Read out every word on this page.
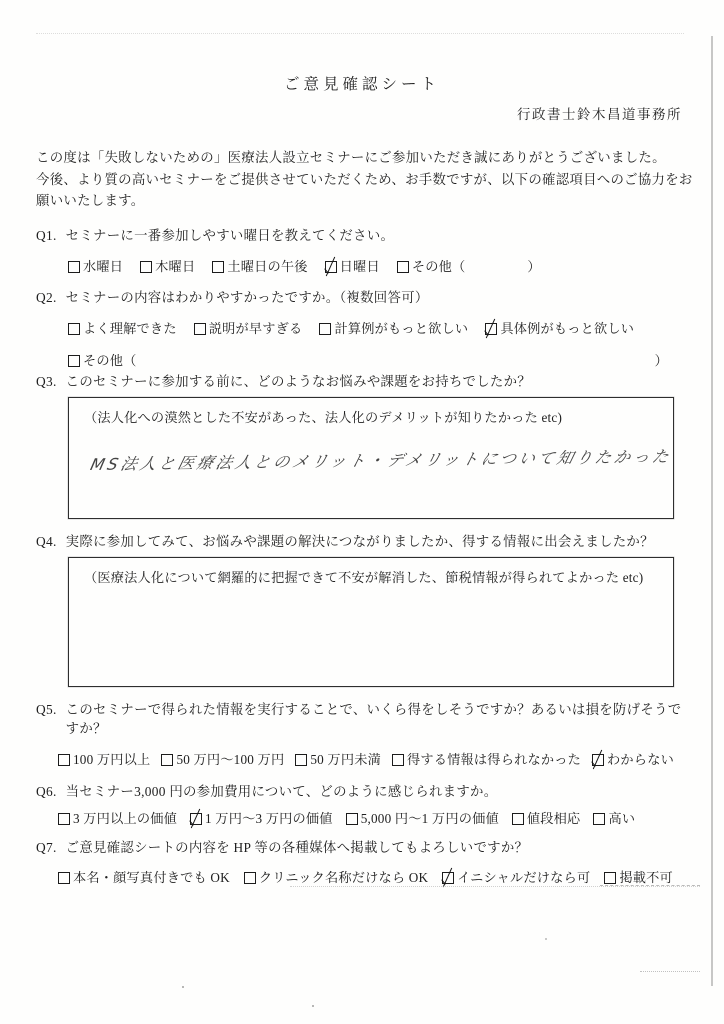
ご意見確認シート
行政書士鈴木昌道事務所
この度は「失敗しないための」医療法人設立セミナーにご参加いただき誠にありがとうございました。
今後、より質の高いセミナーをご提供させていただくため、お手数ですが、以下の確認項目へのご協力をお願いいたします。
Q1. セミナーに一番参加しやすい曜日を教えてください。
水曜日 木曜日 土曜日の午後 日曜日 その他（	）
Q2. セミナーの内容はわかりやすかったですか。（複数回答可）
よく理解できた 説明が早すぎる 計算例がもっと欲しい 具体例がもっと欲しい
その他（	）
Q3. このセミナーに参加する前に、どのようなお悩みや課題をお持ちでしたか？
（法人化への漠然とした不安があった、法人化のデメリットが知りたかった etc)
MS法人と医療法人とのメリット・デメリットについて知りたかった
Q4. 実際に参加してみて、お悩みや課題の解決につながりましたか、得する情報に出会えましたか？
（医療法人化について網羅的に把握できて不安が解消した、節税情報が得られてよかった etc)
Q5. このセミナーで得られた情報を実行することで、いくら得をしそうですか？あるいは損を防げそうですか？
100 万円以上 50 万円～100 万円 50 万円未満 得する情報は得られなかった わからない
Q6. 当セミナー3,000 円の参加費用について、どのように感じられますか。
3 万円以上の価値 1 万円～3 万円の価値 5,000 円～1 万円の価値 値段相応 高い
Q7. ご意見確認シートの内容を HP 等の各種媒体へ掲載してもよろしいですか？
本名・顔写真付きでも OK クリニック名称だけなら OK イニシャルだけなら可 掲載不可
